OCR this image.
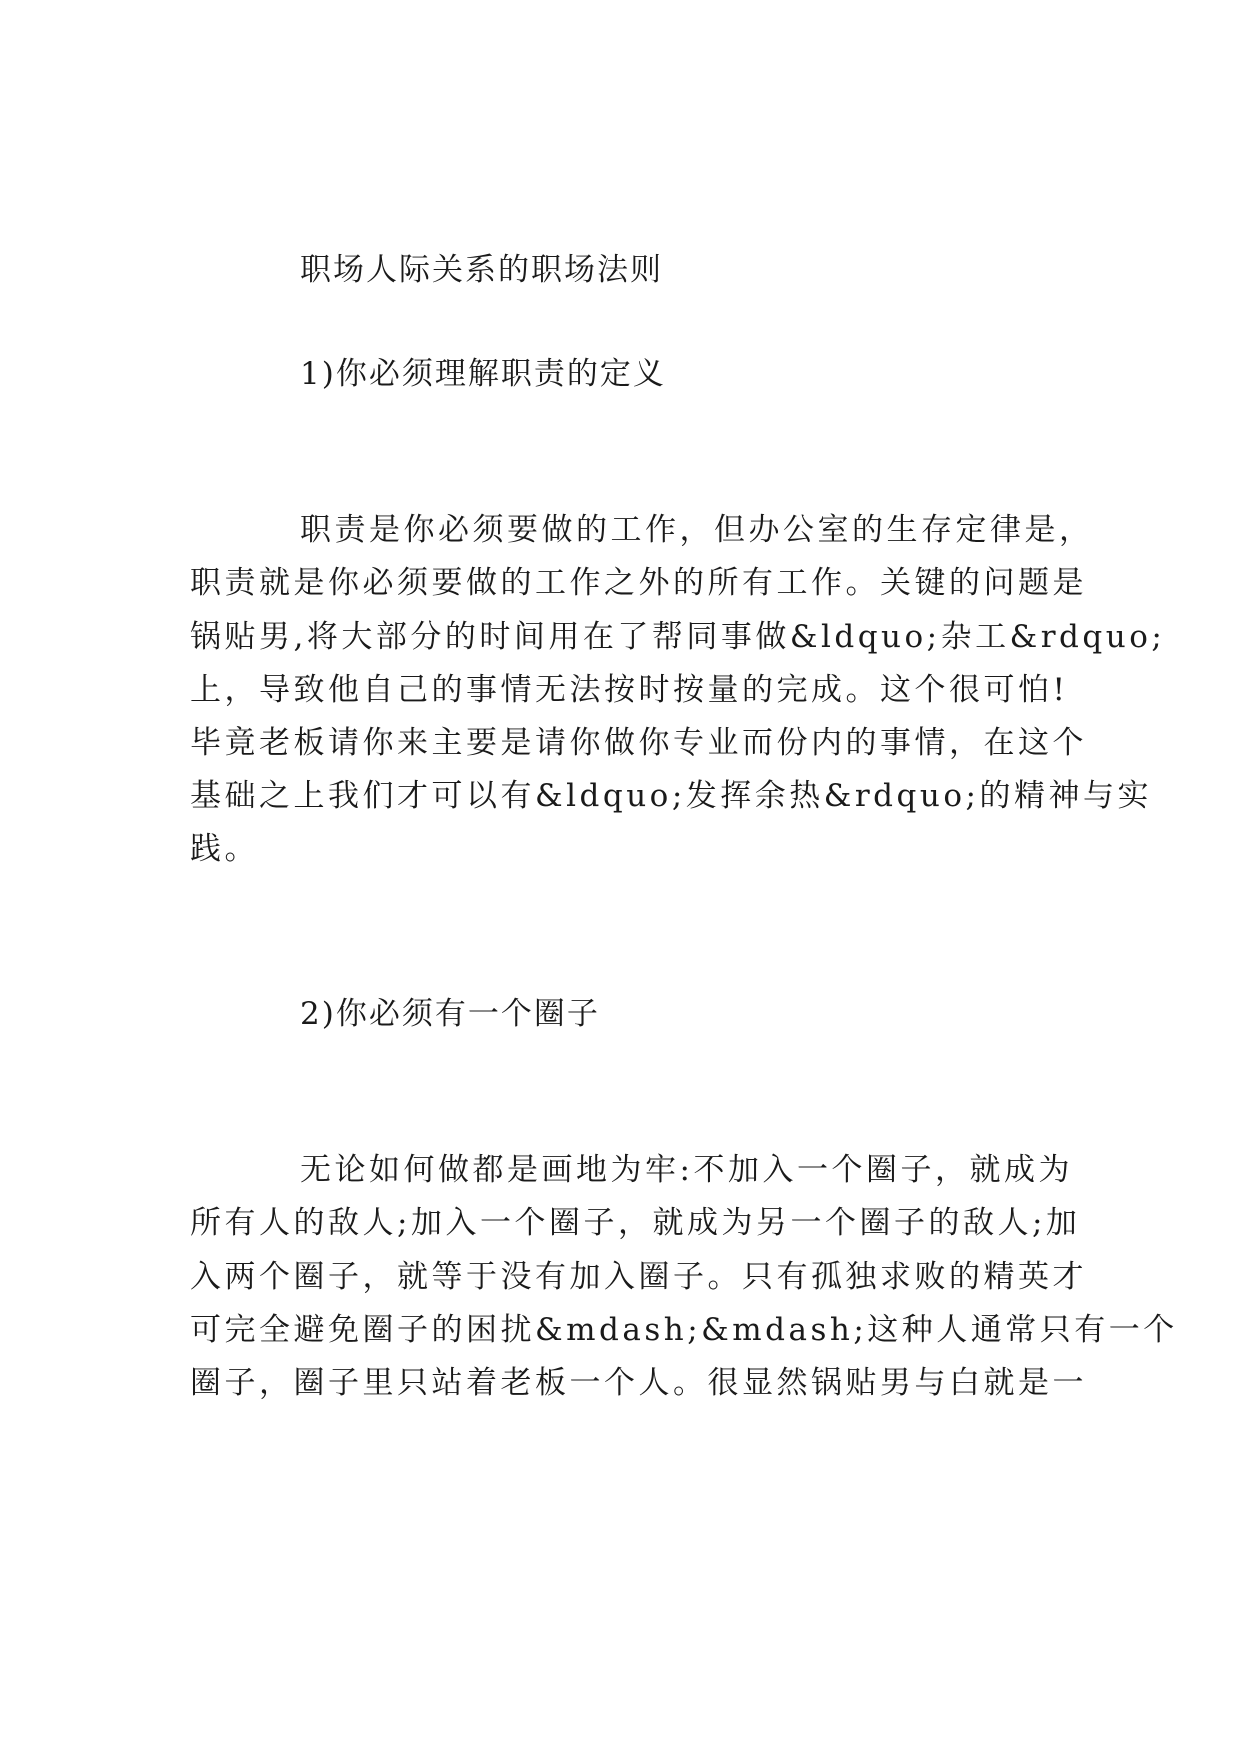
职场人际关系的职场法则
1)你必须理解职责的定义
职责是你必须要做的工作，但办公室的生存定律是，
职责就是你必须要做的工作之外的所有工作。关键的问题是
锅贴男,将大部分的时间用在了帮同事做&ldquo;杂工&rdquo;
上，导致他自己的事情无法按时按量的完成。这个很可怕!
毕竟老板请你来主要是请你做你专业而份内的事情，在这个
基础之上我们才可以有&ldquo;发挥余热&rdquo;的精神与实
践。
2)你必须有一个圈子
无论如何做都是画地为牢:不加入一个圈子，就成为
所有人的敌人;加入一个圈子，就成为另一个圈子的敌人;加
入两个圈子，就等于没有加入圈子。只有孤独求败的精英才
可完全避免圈子的困扰&mdash;&mdash;这种人通常只有一个
圈子，圈子里只站着老板一个人。很显然锅贴男与白就是一
